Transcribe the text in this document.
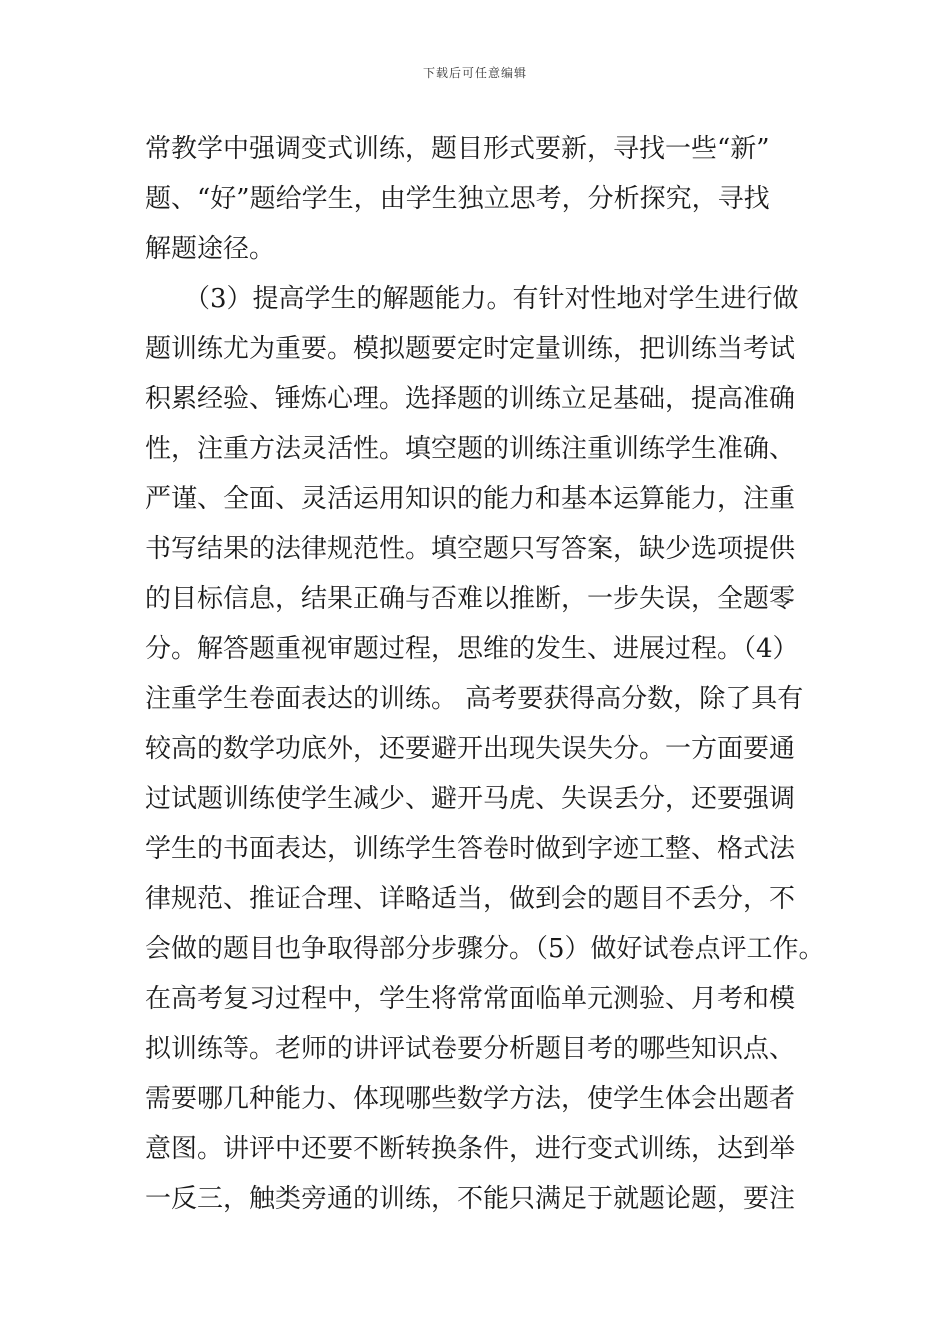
下载后可任意编辑
常教学中强调变式训练，题目形式要新，寻找一些“新”
题、“好”题给学生，由学生独立思考，分析探究，寻找
解题途径。
　　（3）提高学生的解题能力。有针对性地对学生进行做
题训练尤为重要。模拟题要定时定量训练，把训练当考试
积累经验、锤炼心理。选择题的训练立足基础，提高准确
性，注重方法灵活性。填空题的训练注重训练学生准确、
严谨、全面、灵活运用知识的能力和基本运算能力，注重
书写结果的法律规范性。填空题只写答案，缺少选项提供
的目标信息，结果正确与否难以推断，一步失误，全题零
分。解答题重视审题过程，思维的发生、进展过程。（4）
注重学生卷面表达的训练。 高考要获得高分数，除了具有
较高的数学功底外，还要避开出现失误失分。一方面要通
过试题训练使学生减少、避开马虎、失误丢分，还要强调
学生的书面表达，训练学生答卷时做到字迹工整、格式法
律规范、推证合理、详略适当，做到会的题目不丢分，不
会做的题目也争取得部分步骤分。（5）做好试卷点评工作。
在高考复习过程中，学生将常常面临单元测验、月考和模
拟训练等。老师的讲评试卷要分析题目考的哪些知识点、
需要哪几种能力、体现哪些数学方法，使学生体会出题者
意图。讲评中还要不断转换条件，进行变式训练，达到举
一反三，触类旁通的训练，不能只满足于就题论题，要注
